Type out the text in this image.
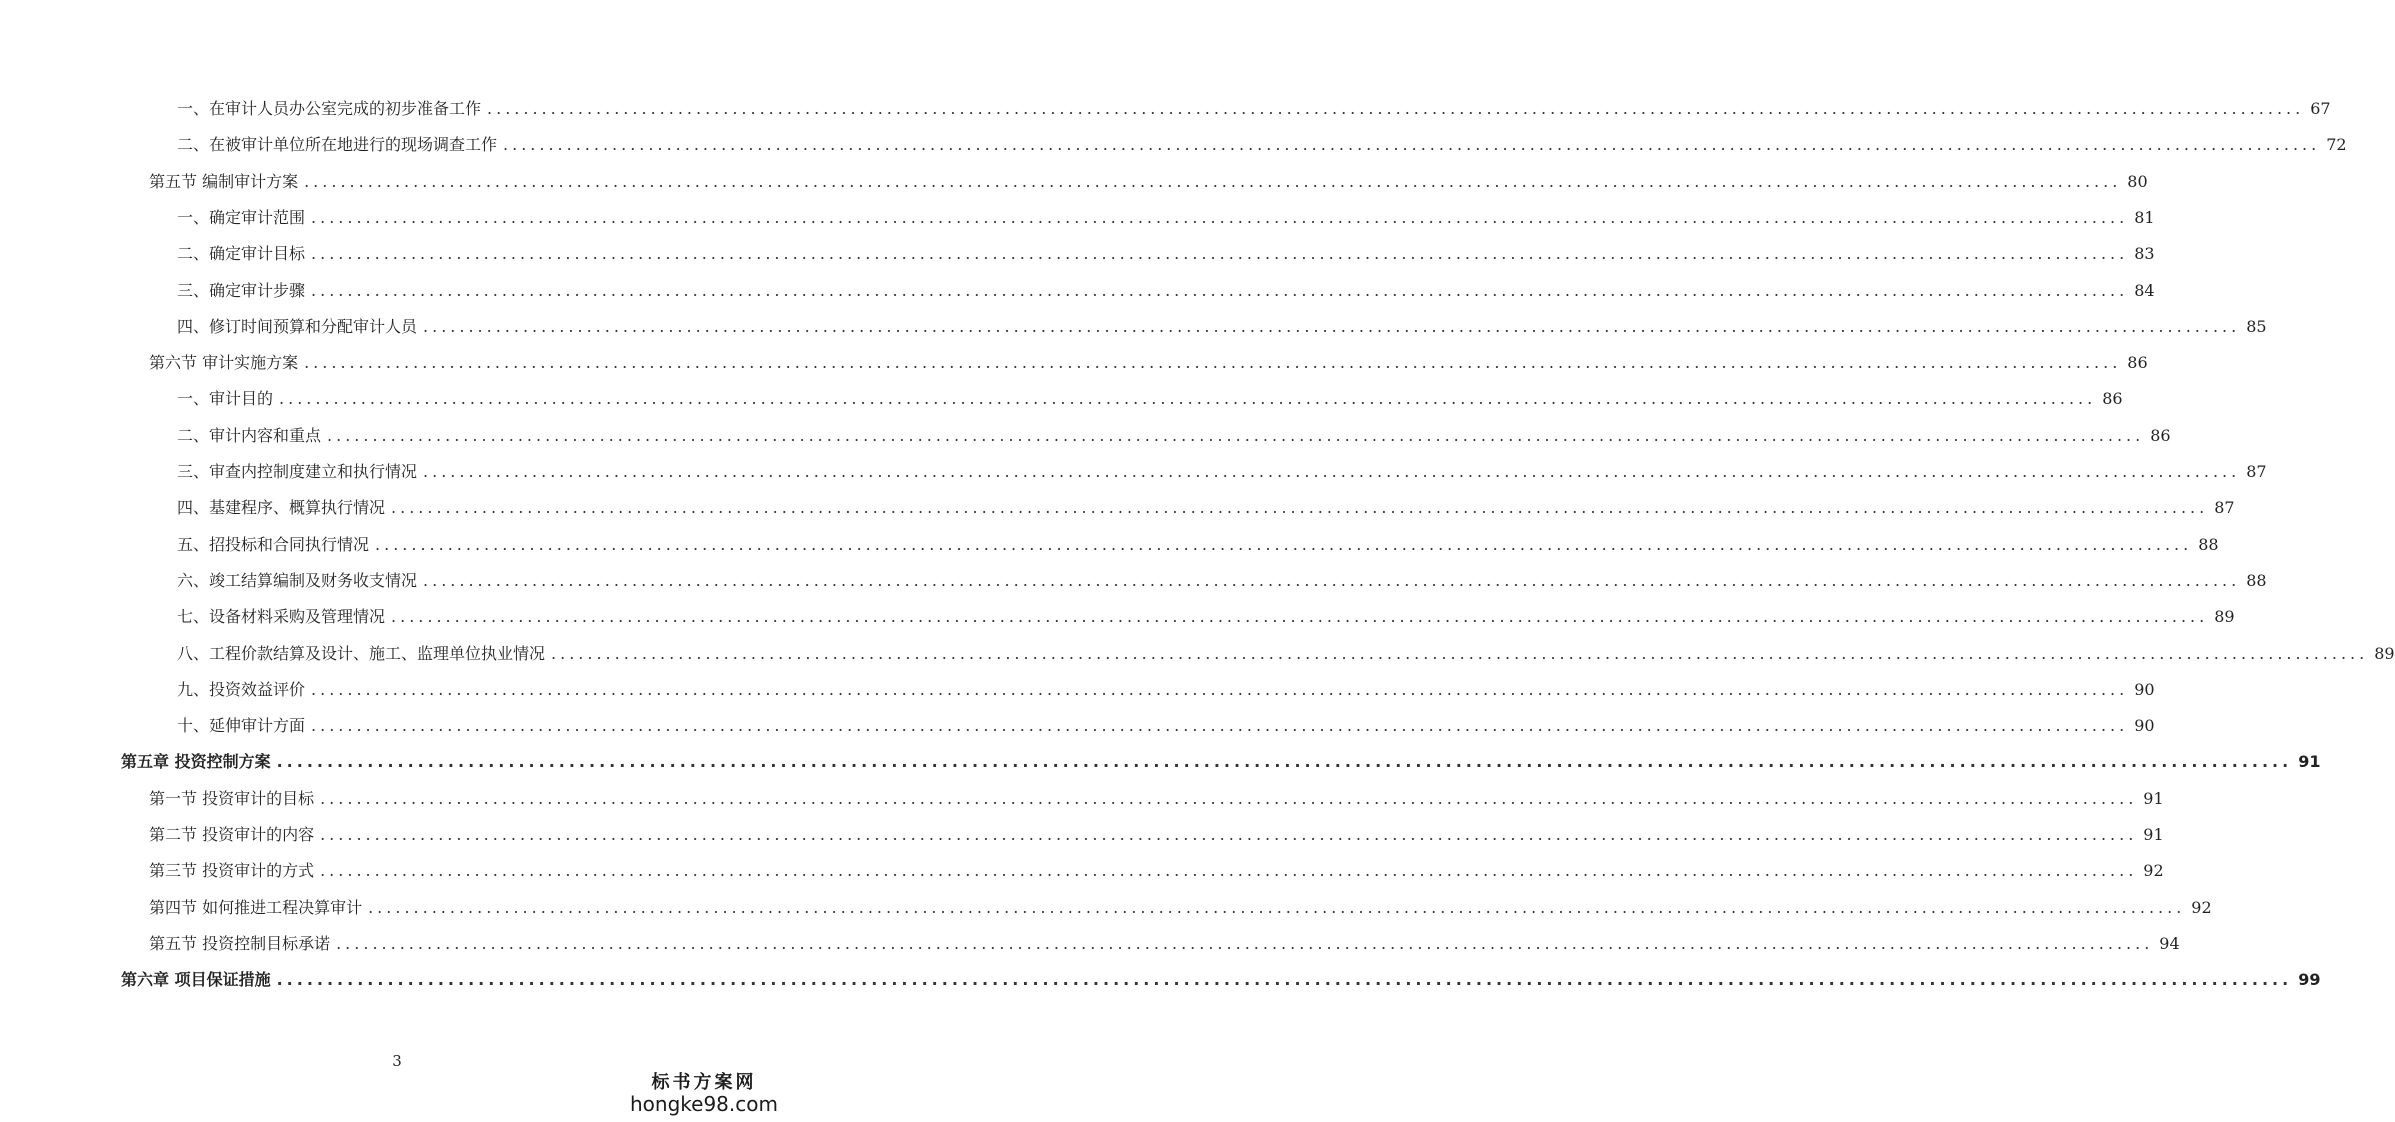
一、在审计人员办公室完成的初步准备工作 ........................................................................................................................................................................................................ 67
二、在被审计单位所在地进行的现场调查工作 ........................................................................................................................................................................................................ 72
第五节 编制审计方案 ........................................................................................................................................................................................................ 80
一、确定审计范围 ........................................................................................................................................................................................................ 81
二、确定审计目标 ........................................................................................................................................................................................................ 83
三、确定审计步骤 ........................................................................................................................................................................................................ 84
四、修订时间预算和分配审计人员 ........................................................................................................................................................................................................ 85
第六节 审计实施方案 ........................................................................................................................................................................................................ 86
一、审计目的 ........................................................................................................................................................................................................ 86
二、审计内容和重点 ........................................................................................................................................................................................................ 86
三、审查内控制度建立和执行情况 ........................................................................................................................................................................................................ 87
四、基建程序、概算执行情况 ........................................................................................................................................................................................................ 87
五、招投标和合同执行情况 ........................................................................................................................................................................................................ 88
六、竣工结算编制及财务收支情况 ........................................................................................................................................................................................................ 88
七、设备材料采购及管理情况 ........................................................................................................................................................................................................ 89
八、工程价款结算及设计、施工、监理单位执业情况 ........................................................................................................................................................................................................ 89
九、投资效益评价 ........................................................................................................................................................................................................ 90
十、延伸审计方面 ........................................................................................................................................................................................................ 90
第五章 投资控制方案 ........................................................................................................................................................................................................ 91
第一节 投资审计的目标 ........................................................................................................................................................................................................ 91
第二节 投资审计的内容 ........................................................................................................................................................................................................ 91
第三节 投资审计的方式 ........................................................................................................................................................................................................ 92
第四节 如何推进工程决算审计 ........................................................................................................................................................................................................ 92
第五节 投资控制目标承诺 ........................................................................................................................................................................................................ 94
第六章 项目保证措施 ........................................................................................................................................................................................................ 99
3
标书方案网
hongke98.com
